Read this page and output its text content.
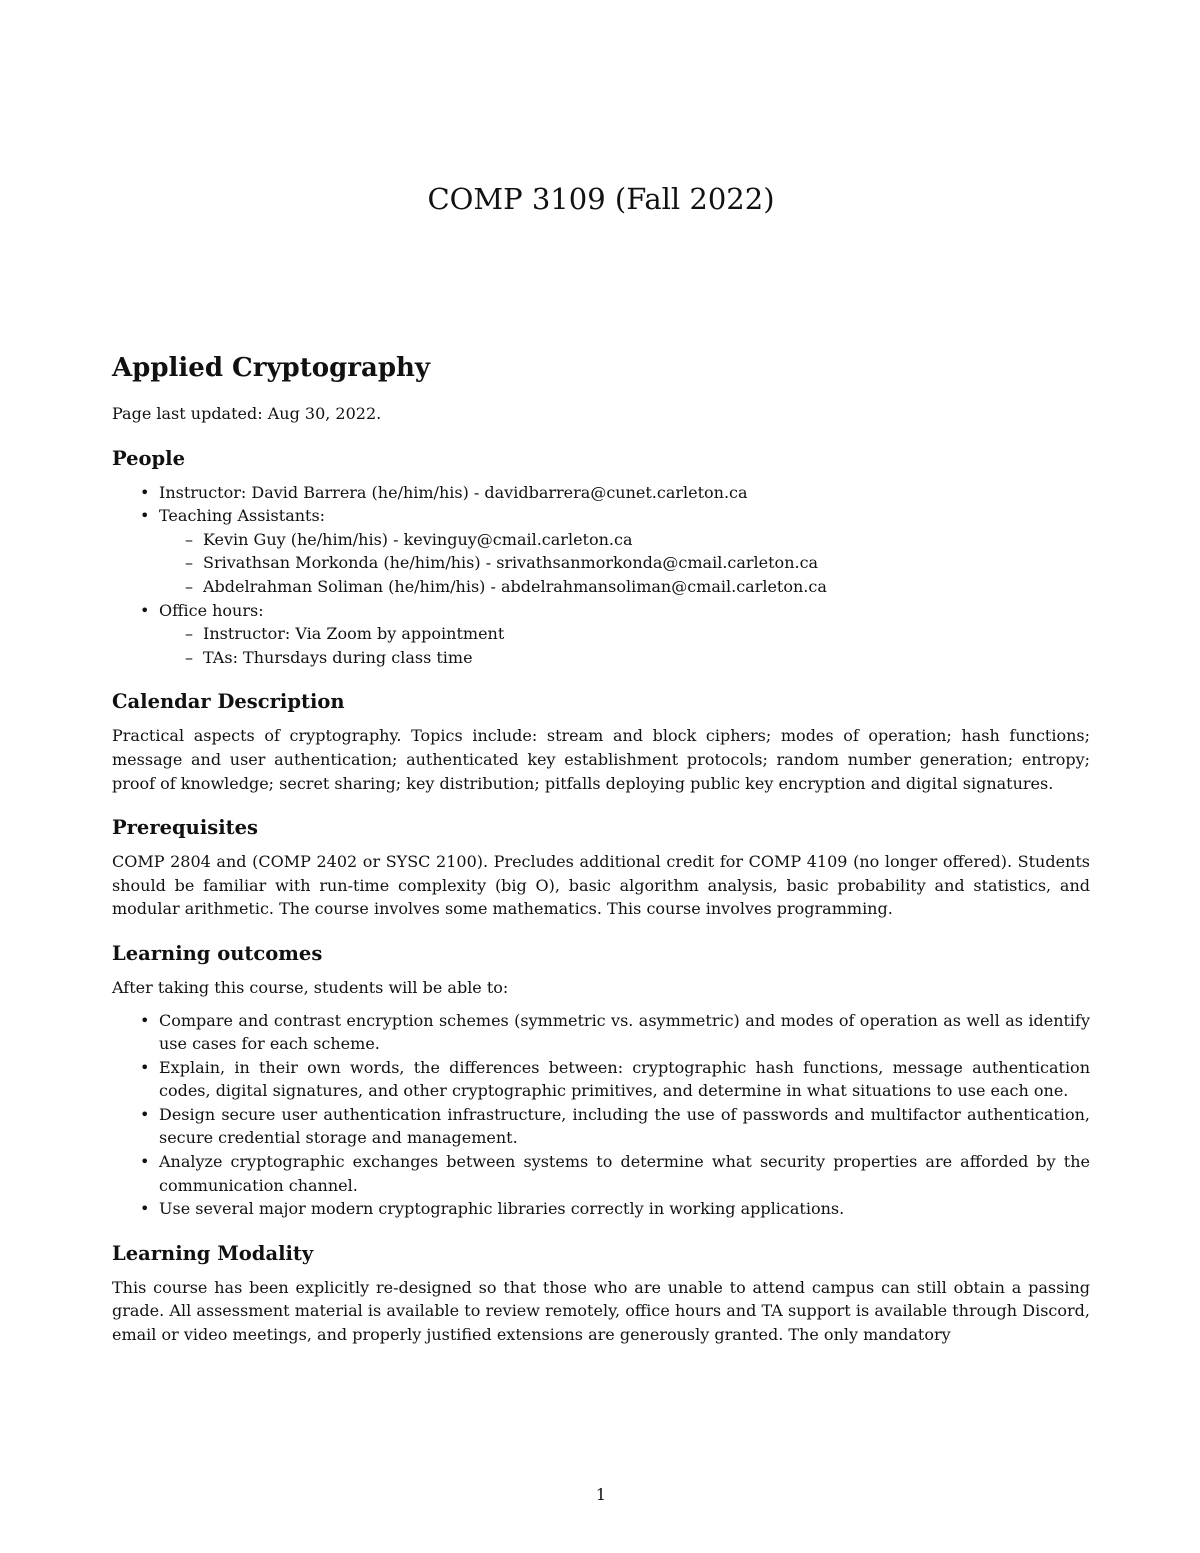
COMP 3109 (Fall 2022)
Applied Cryptography

Page last updated: Aug 30, 2022.

People
• Instructor: David Barrera (he/him/his) - davidbarrera@cunet.carleton.ca
• Teaching Assistants:
– Kevin Guy (he/him/his) - kevinguy@cmail.carleton.ca
– Srivathsan Morkonda (he/him/his) - srivathsanmorkonda@cmail.carleton.ca
– Abdelrahman Soliman (he/him/his) - abdelrahmansoliman@cmail.carleton.ca
• Office hours:
– Instructor: Via Zoom by appointment
– TAs: Thursdays during class time
Calendar Description

Practical aspects of cryptography. Topics include: stream and block ciphers; modes of operation; hash functions; message and user authentication; authenticated key establishment protocols; random number generation; entropy; proof of knowledge; secret sharing; key distribution; pitfalls deploying public key encryption and digital signatures.

Prerequisites

COMP 2804 and (COMP 2402 or SYSC 2100). Precludes additional credit for COMP 4109 (no longer offered). Students should be familiar with run-time complexity (big O), basic algorithm analysis, basic probability and statistics, and modular arithmetic. The course involves some mathematics. This course involves programming.

Learning outcomes

After taking this course, students will be able to:

• Compare and contrast encryption schemes (symmetric vs. asymmetric) and modes of operation as well as identify use cases for each scheme.
• Explain, in their own words, the differences between: cryptographic hash functions, message authentication codes, digital signatures, and other cryptographic primitives, and determine in what situations to use each one.
• Design secure user authentication infrastructure, including the use of passwords and multifactor authentication, secure credential storage and management.
• Analyze cryptographic exchanges between systems to determine what security properties are afforded by the communication channel.
• Use several major modern cryptographic libraries correctly in working applications.
Learning Modality

This course has been explicitly re-designed so that those who are unable to attend campus can still obtain a passing grade. All assessment material is available to review remotely, office hours and TA support is available through Discord, email or video meetings, and properly justified extensions are generously granted. The only mandatory

1
